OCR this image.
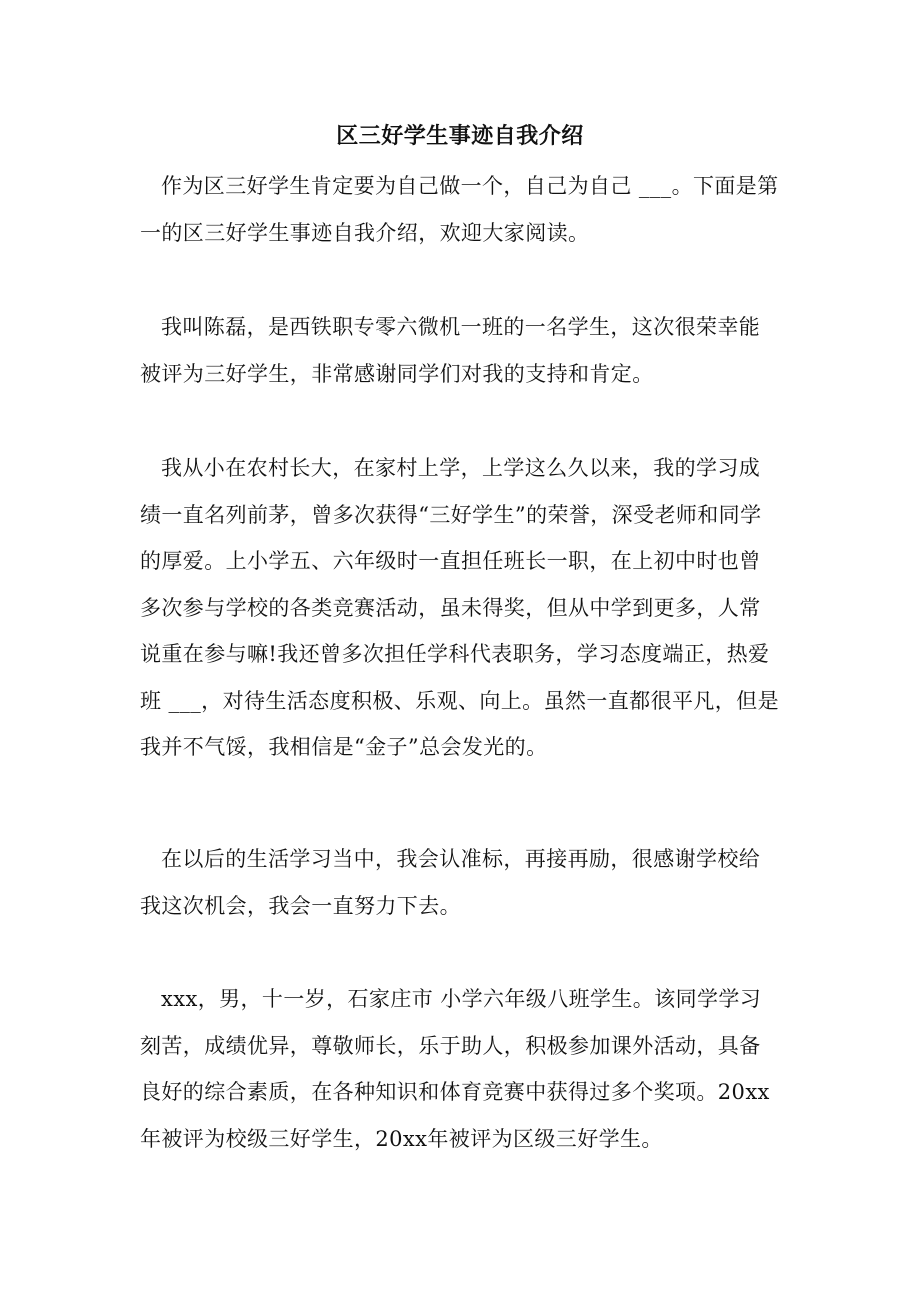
区三好学生事迹自我介绍

作为区三好学生肯定要为自己做一个，自己为自己 ___。下面是第一的区三好学生事迹自我介绍，欢迎大家阅读。

我叫陈磊，是西铁职专零六微机一班的一名学生，这次很荣幸能被评为三好学生，非常感谢同学们对我的支持和肯定。

我从小在农村长大，在家村上学，上学这么久以来，我的学习成绩一直名列前茅，曾多次获得“三好学生”的荣誉，深受老师和同学的厚爱。上小学五、六年级时一直担任班长一职，在上初中时也曾多次参与学校的各类竞赛活动，虽未得奖，但从中学到更多，人常说重在参与嘛!我还曾多次担任学科代表职务，学习态度端正，热爱班 ___，对待生活态度积极、乐观、向上。虽然一直都很平凡，但是我并不气馁，我相信是“金子”总会发光的。

在以后的生活学习当中，我会认准标，再接再励，很感谢学校给我这次机会，我会一直努力下去。

xxx，男，十一岁，石家庄市 小学六年级八班学生。该同学学习刻苦，成绩优异，尊敬师长，乐于助人，积极参加课外活动，具备良好的综合素质，在各种知识和体育竞赛中获得过多个奖项。20xx年被评为校级三好学生，20xx年被评为区级三好学生。
